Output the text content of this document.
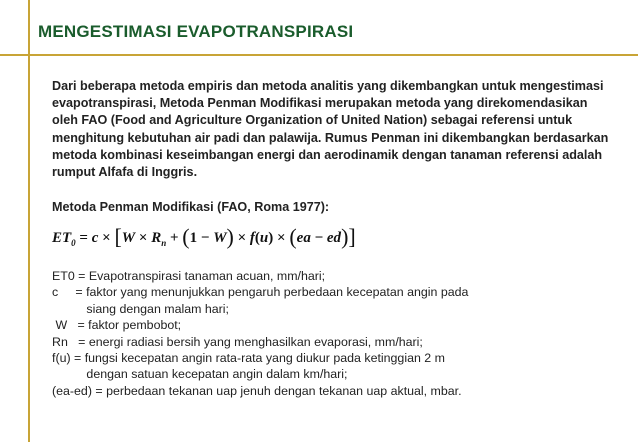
MENGESTIMASI EVAPOTRANSPIRASI
Dari beberapa metoda empiris dan metoda analitis yang dikembangkan untuk mengestimasi
evapotranspirasi, Metoda Penman Modifikasi merupakan metoda yang direkomendasikan
oleh FAO (Food and Agriculture Organization of United Nation) sebagai referensi untuk
menghitung kebutuhan air padi dan palawija. Rumus Penman ini dikembangkan berdasarkan
metoda kombinasi keseimbangan energi dan aerodinamik dengan tanaman referensi adalah
rumput Alfafa di Inggris.
Metoda Penman Modifikasi (FAO, Roma 1977):
$ET_0 = c \times [W \times R_n + (1 - W) \times f(u) \times (ea - ed)]$
ET0 = Evapotranspirasi tanaman acuan, mm/hari;
c     = faktor yang menunjukkan pengaruh perbedaan kecepatan angin pada
siang dengan malam hari;
W   = faktor pembobot;
Rn   = energi radiasi bersih yang menghasilkan evaporasi, mm/hari;
f(u) = fungsi kecepatan angin rata-rata yang diukur pada ketinggian 2 m
dengan satuan kecepatan angin dalam km/hari;
(ea-ed) = perbedaan tekanan uap jenuh dengan tekanan uap aktual, mbar.
